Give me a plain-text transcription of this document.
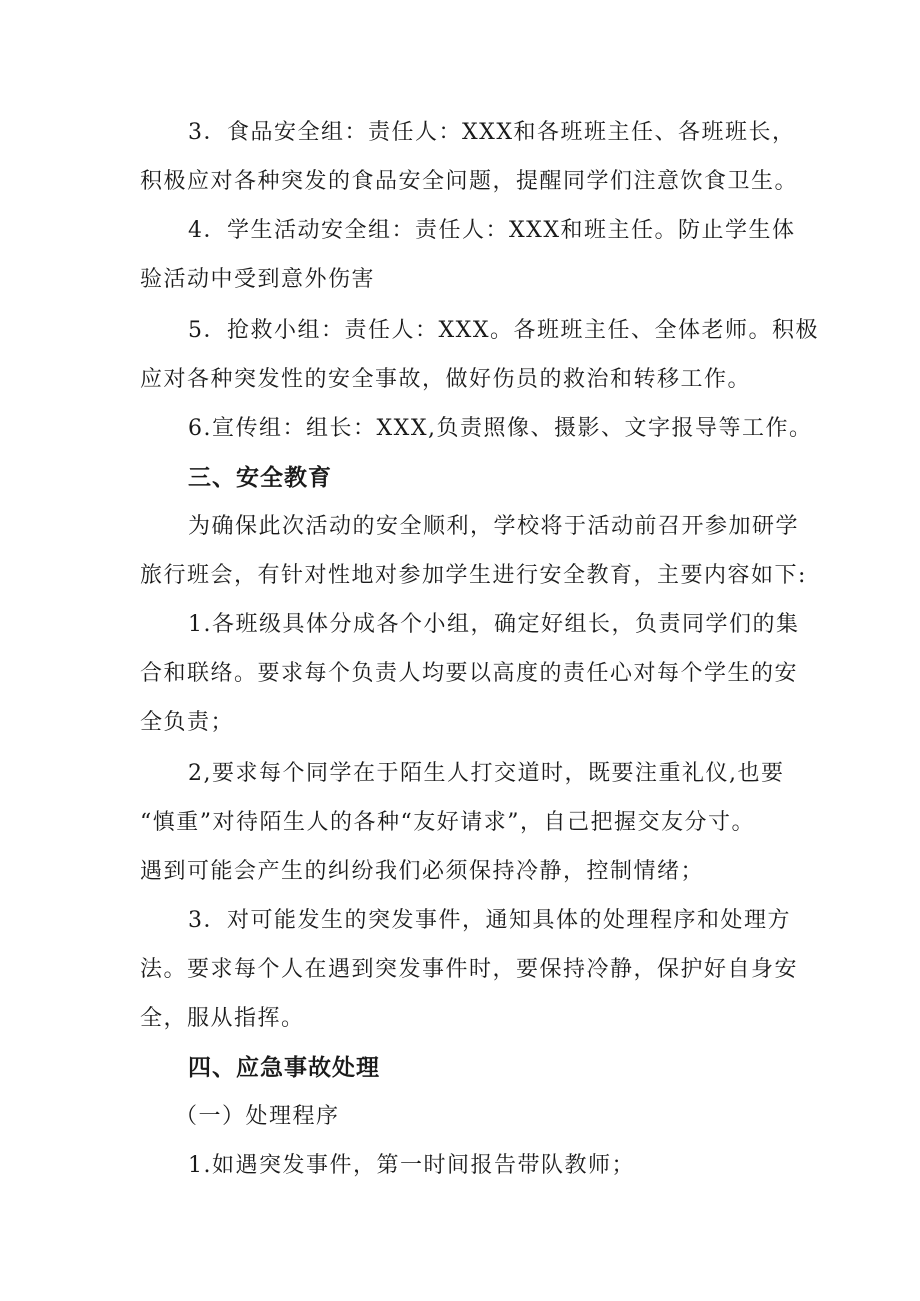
3．食品安全组：责任人：XXX和各班班主任、各班班长，
积极应对各种突发的食品安全问题，提醒同学们注意饮食卫生。
4．学生活动安全组：责任人：XXX和班主任。防止学生体
验活动中受到意外伤害
5．抢救小组：责任人：XXX。各班班主任、全体老师。积极
应对各种突发性的安全事故，做好伤员的救治和转移工作。
6.宣传组：组长：XXX,负责照像、摄影、文字报导等工作。
三、安全教育
为确保此次活动的安全顺利，学校将于活动前召开参加研学
旅行班会，有针对性地对参加学生进行安全教育，主要内容如下:
1.各班级具体分成各个小组，确定好组长，负责同学们的集
合和联络。要求每个负责人均要以高度的责任心对每个学生的安
全负责；
2,要求每个同学在于陌生人打交道时，既要注重礼仪,也要
“慎重”对待陌生人的各种“友好请求”，自己把握交友分寸。
遇到可能会产生的纠纷我们必须保持冷静，控制情绪；
3．对可能发生的突发事件，通知具体的处理程序和处理方
法。要求每个人在遇到突发事件时，要保持冷静，保护好自身安
全，服从指挥。
四、应急事故处理
（一）处理程序
1.如遇突发事件，第一时间报告带队教师；
